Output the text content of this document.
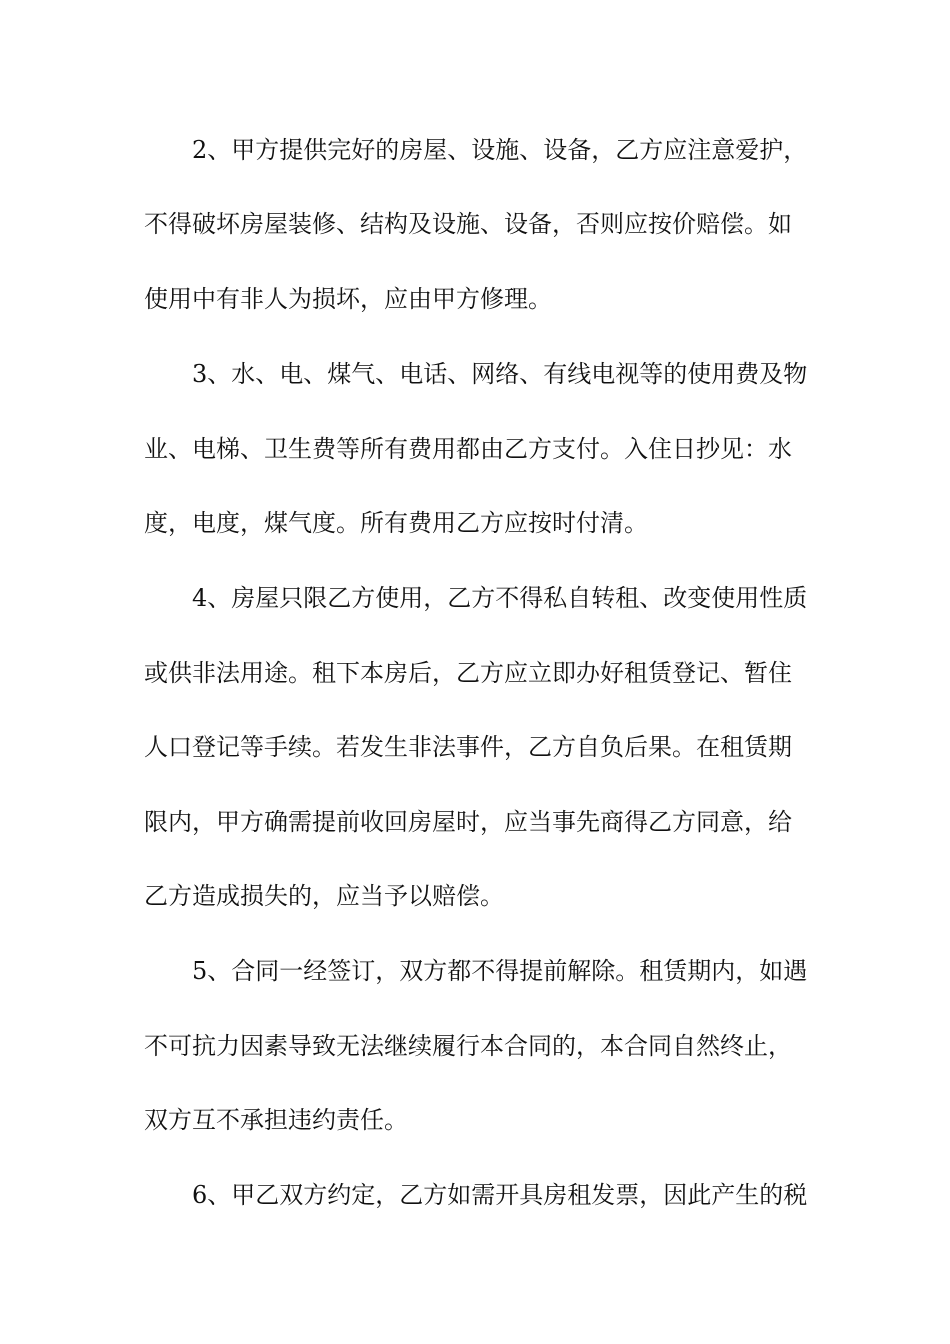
2、甲方提供完好的房屋、设施、设备，乙方应注意爱护，
不得破坏房屋装修、结构及设施、设备，否则应按价赔偿。如
使用中有非人为损坏，应由甲方修理。
3、水、电、煤气、电话、网络、有线电视等的使用费及物
业、电梯、卫生费等所有费用都由乙方支付。入住日抄见：水
度，电度，煤气度。所有费用乙方应按时付清。
4、房屋只限乙方使用，乙方不得私自转租、改变使用性质
或供非法用途。租下本房后，乙方应立即办好租赁登记、暂住
人口登记等手续。若发生非法事件，乙方自负后果。在租赁期
限内，甲方确需提前收回房屋时，应当事先商得乙方同意，给
乙方造成损失的，应当予以赔偿。
5、合同一经签订，双方都不得提前解除。租赁期内，如遇
不可抗力因素导致无法继续履行本合同的，本合同自然终止，
双方互不承担违约责任。
6、甲乙双方约定，乙方如需开具房租发票，因此产生的税
